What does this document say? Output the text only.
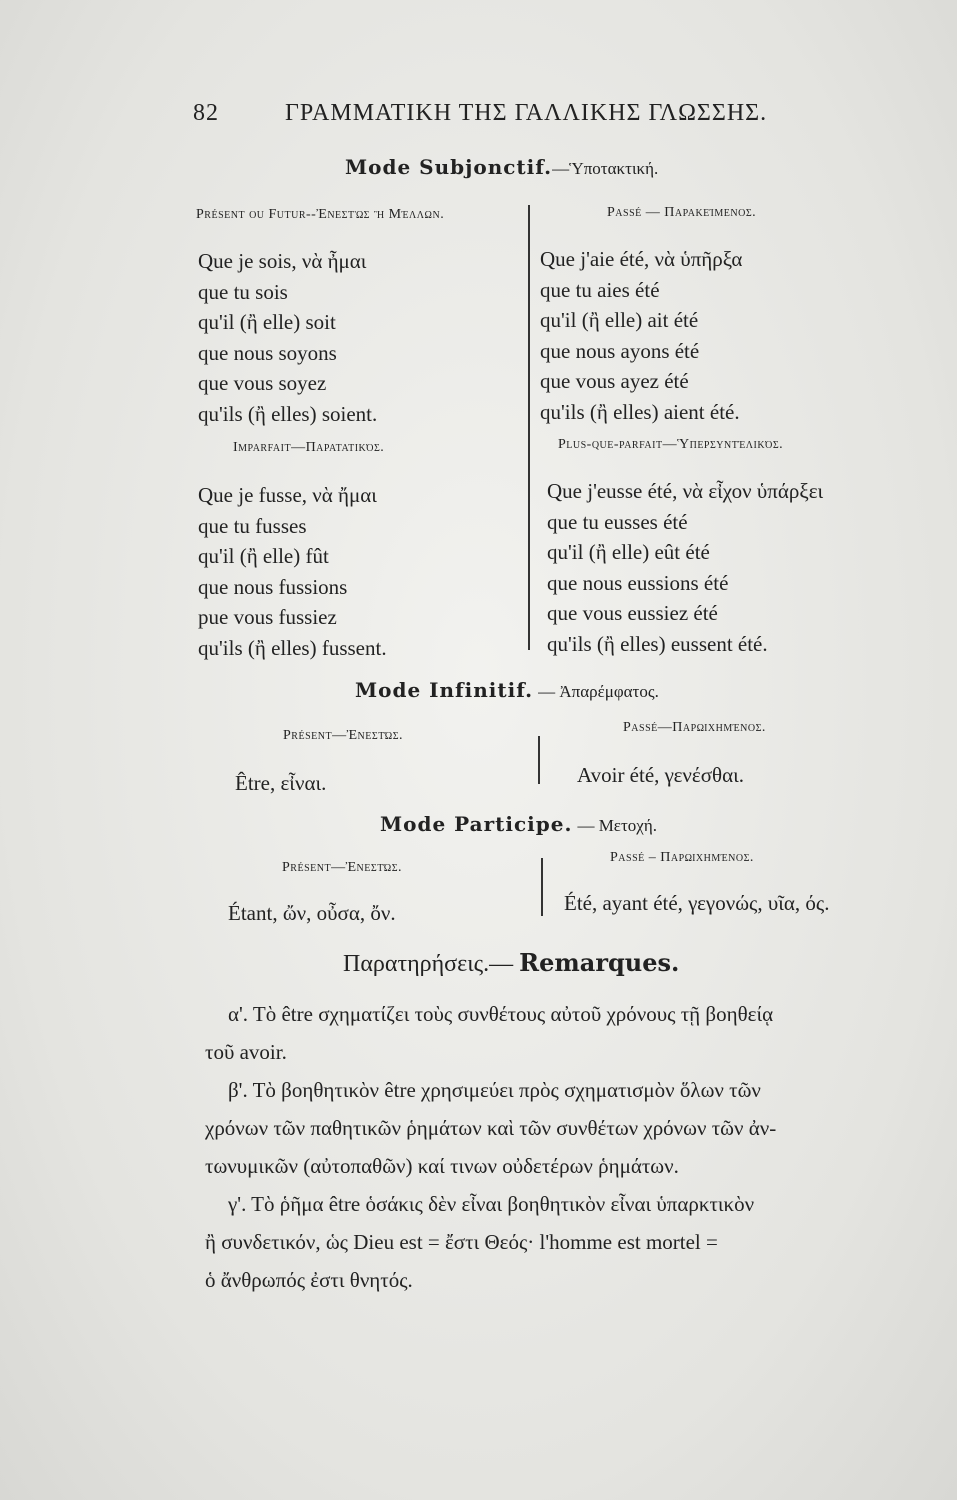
82	ΓΡΑΜΜΑΤΙΚΗ ΤΗΣ ΓΑΛΛΙΚΗΣ ΓΛΩΣΣΗΣ.
Mode Subjonctif.—Ὑποτακτική.
Présent ou Futur--Ἐνεστὼς ἢ Μέλλων.
Que je sois, νὰ ἦμαι
que tu sois
qu'il (ἢ elle) soit
que nous soyons
que vous soyez
qu'ils (ἢ elles) soient.
Imparfait—Παρατατικός.
Que je fusse, νὰ ἤμαι
que tu fusses
qu'il (ἢ elle) fût
que nous fussions
pue vous fussiez
qu'ils (ἢ elles) fussent.
Passé — Παρακείμενος.
Que j'aie été, νὰ ὑπῆρξα
que tu aies été
qu'il (ἢ elle) ait été
que nous ayons été
que vous ayez été
qu'ils (ἢ elles) aient été.
Plus-que-parfait—Ὑπερσυντέλικός.
Que j'eusse été, νὰ εἶχον ὑπάρξει
que tu eusses été
qu'il (ἢ elle) eût été
que nous eussions été
que vous eussiez été
qu'ils (ἢ elles) eussent été.
Mode Infinitif. — Ἀπαρέμφατος.
Présent—Ἐνεστώς.
Être, εἶναι.
Passé—Παρῳχημένος.
Avoir été, γενέσθαι.
Mode Participe. — Μετοχή.
Présent—Ἐνεστώς.
Étant, ὤν, οὖσα, ὄν.
Passé – Παρῳχημένος.
Été, ayant été, γεγονώς, υῖα, ός.
Παρατηρήσεις.— Remarques.
α'. Τὸ être σχηματίζει τοὺς συνθέτους αὐτοῦ χρόνους τῇ βοηθείᾳ
τοῦ avoir.
β'. Τὸ βοηθητικὸν être χρησιμεύει πρὸς σχηματισμὸν ὅλων τῶν
χρόνων τῶν παθητικῶν ῥημάτων καὶ τῶν συνθέτων χρόνων τῶν ἀν-
τωνυμικῶν (αὐτοπαθῶν) καί τινων οὐδετέρων ῥημάτων.
γ'. Τὸ ῥῆμα être ὁσάκις δὲν εἶναι βοηθητικὸν εἶναι ὑπαρκτικὸν
ἢ συνδετικόν, ὡς Dieu est = ἔστι Θεός· l'homme est mortel =
ὁ ἄνθρωπός ἐστι θνητός.
